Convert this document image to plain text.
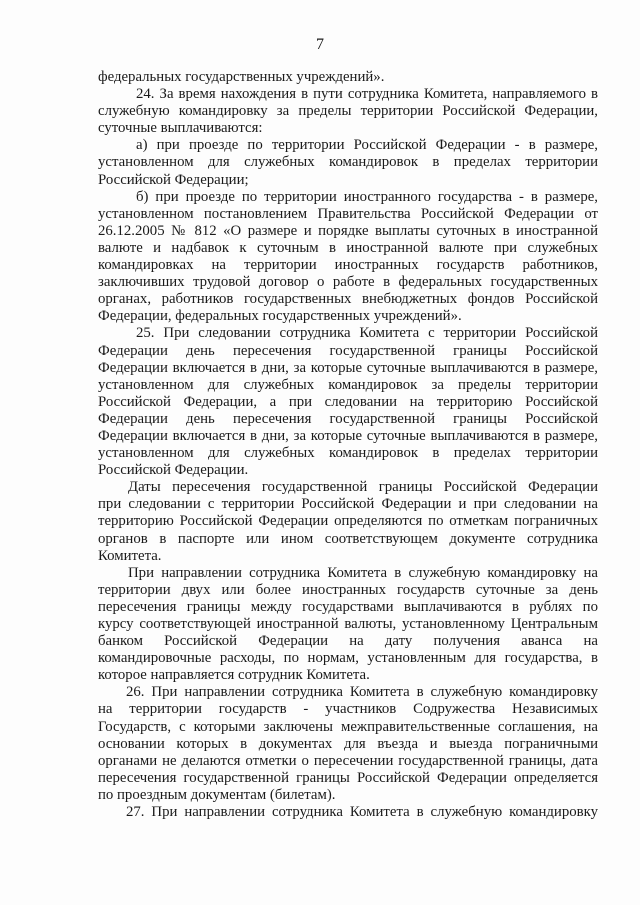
7
федеральных государственных учреждений».
24. За время нахождения в пути сотрудника Комитета, направляемого в
служебную командировку за пределы территории Российской Федерации,
суточные выплачиваются:
а) при проезде по территории Российской Федерации - в размере,
установленном для служебных командировок в пределах территории
Российской Федерации;
б) при проезде по территории иностранного государства - в размере,
установленном постановлением Правительства Российской Федерации от
26.12.2005 № 812 «О размере и порядке выплаты суточных в иностранной
валюте и надбавок к суточным в иностранной валюте при служебных
командировках на территории иностранных государств работников,
заключивших трудовой договор о работе в федеральных государственных
органах, работников государственных внебюджетных фондов Российской
Федерации, федеральных государственных учреждений».
25. При следовании сотрудника Комитета с территории Российской
Федерации день пересечения государственной границы Российской
Федерации включается в дни, за которые суточные выплачиваются в размере,
установленном для служебных командировок за пределы территории
Российской Федерации, а при следовании на территорию Российской
Федерации день пересечения государственной границы Российской
Федерации включается в дни, за которые суточные выплачиваются в размере,
установленном для служебных командировок в пределах территории
Российской Федерации.
Даты пересечения государственной границы Российской Федерации
при следовании с территории Российской Федерации и при следовании на
территорию Российской Федерации определяются по отметкам пограничных
органов в паспорте или ином соответствующем документе сотрудника
Комитета.
При направлении сотрудника Комитета в служебную командировку на
территории двух или более иностранных государств суточные за день
пересечения границы между государствами выплачиваются в рублях по
курсу соответствующей иностранной валюты, установленному Центральным
банком Российской Федерации на дату получения аванса на
командировочные расходы, по нормам, установленным для государства, в
которое направляется сотрудник Комитета.
26. При направлении сотрудника Комитета в служебную командировку
на территории государств - участников Содружества Независимых
Государств, с которыми заключены межправительственные соглашения, на
основании которых в документах для въезда и выезда пограничными
органами не делаются отметки о пересечении государственной границы, дата
пересечения государственной границы Российской Федерации определяется
по проездным документам (билетам).
27. При направлении сотрудника Комитета в служебную командировку
